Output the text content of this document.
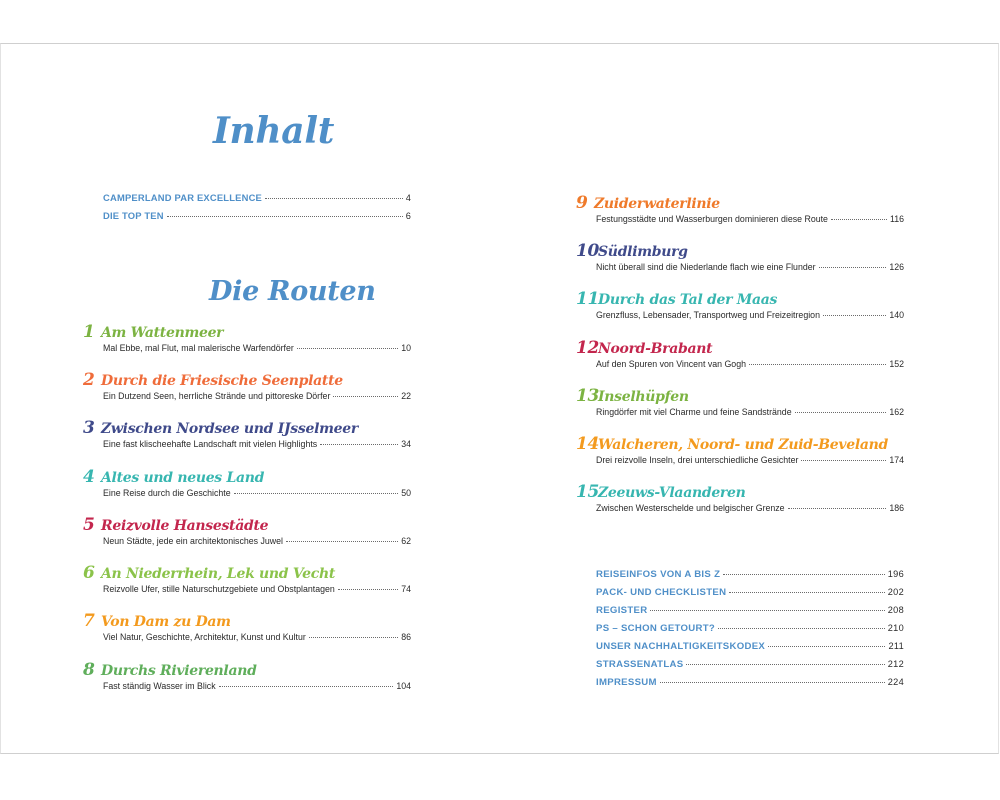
Inhalt
Die Routen
CAMPERLAND PAR EXCELLENCE	4
DIE TOP TEN	6
1 Am Wattenmeer
Mal Ebbe, mal Flut, mal malerische Warfendörfer	10
2 Durch die Friesische Seenplatte
Ein Dutzend Seen, herrliche Strände und pittoreske Dörfer	22
3 Zwischen Nordsee und IJsselmeer
Eine fast klischeehafte Landschaft mit vielen Highlights	34
4 Altes und neues Land
Eine Reise durch die Geschichte	50
5 Reizvolle Hansestädte
Neun Städte, jede ein architektonisches Juwel	62
6 An Niederrhein, Lek und Vecht
Reizvolle Ufer, stille Naturschutzgebiete und Obstplantagen	74
7 Von Dam zu Dam
Viel Natur, Geschichte, Architektur, Kunst und Kultur	86
8 Durchs Rivierenland
Fast ständig Wasser im Blick	104
9 Zuiderwaterlinie
Festungsstädte und Wasserburgen dominieren diese Route	116
10
Südlimburg
Nicht überall sind die Niederlande flach wie eine Flunder	126
11
Durch das Tal der Maas
Grenzfluss, Lebensader, Transportweg und Freizeitregion	140
12
Noord-Brabant
Auf den Spuren von Vincent van Gogh	152
13
Inselhüpfen
Ringdörfer mit viel Charme und feine Sandstrände	162
14
Walcheren, Noord- und Zuid-Beveland
Drei reizvolle Inseln, drei unterschiedliche Gesichter	174
15
Zeeuws-Vlaanderen
Zwischen Westerschelde und belgischer Grenze	186
REISEINFOS VON A BIS Z	196
PACK- UND CHECKLISTEN	202
REGISTER	208
PS – SCHON GETOURT?	210
UNSER NACHHALTIGKEITSKODEX	211
STRASSENATLAS	212
IMPRESSUM	224
